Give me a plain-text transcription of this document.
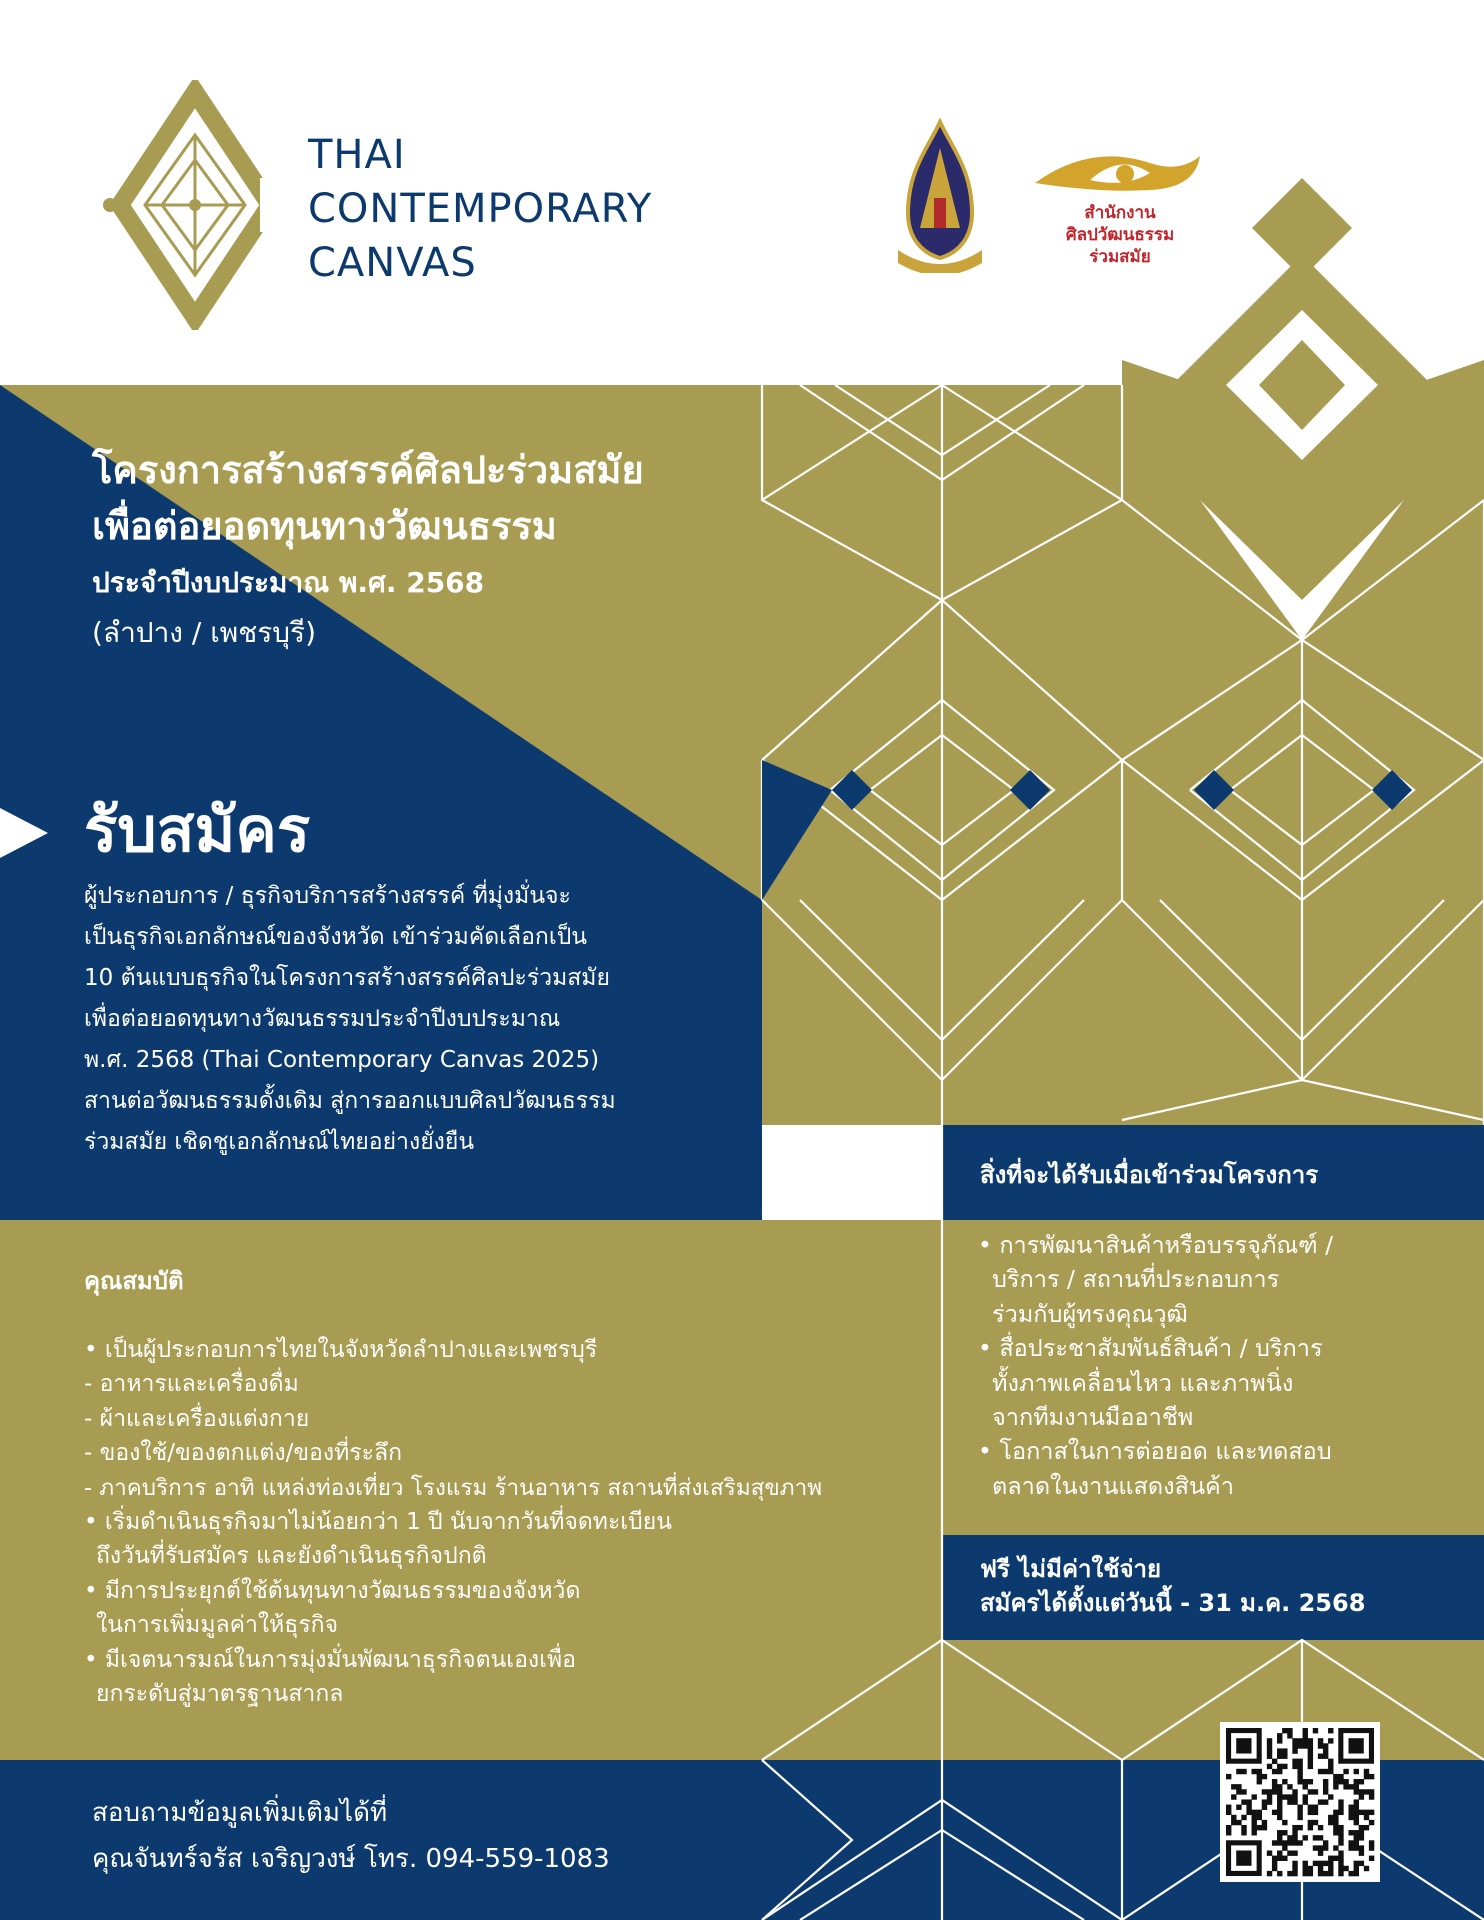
THAI
CONTEMPORARY
CANVAS
สำนักงาน
ศิลปวัฒนธรรม
ร่วมสมัย
โครงการสร้างสรรค์ศิลปะร่วมสมัย
เพื่อต่อยอดทุนทางวัฒนธรรม
ประจำปีงบประมาณ พ.ศ. 2568
(ลำปาง / เพชรบุรี)
รับสมัคร
ผู้ประกอบการ / ธุรกิจบริการสร้างสรรค์ ที่มุ่งมั่นจะ
เป็นธุรกิจเอกลักษณ์ของจังหวัด เข้าร่วมคัดเลือกเป็น
10 ต้นแบบธุรกิจในโครงการสร้างสรรค์ศิลปะร่วมสมัย
เพื่อต่อยอดทุนทางวัฒนธรรมประจำปีงบประมาณ
พ.ศ. 2568 (Thai Contemporary Canvas 2025)
สานต่อวัฒนธรรมดั้งเดิม สู่การออกแบบศิลปวัฒนธรรม
ร่วมสมัย เชิดชูเอกลักษณ์ไทยอย่างยั่งยืน
คุณสมบัติ
• เป็นผู้ประกอบการไทยในจังหวัดลำปางและเพชรบุรี
- อาหารและเครื่องดื่ม
- ผ้าและเครื่องแต่งกาย
- ของใช้/ของตกแต่ง/ของที่ระลึก
- ภาคบริการ อาทิ แหล่งท่องเที่ยว โรงแรม ร้านอาหาร สถานที่ส่งเสริมสุขภาพ
• เริ่มดำเนินธุรกิจมาไม่น้อยกว่า 1 ปี นับจากวันที่จดทะเบียน
ถึงวันที่รับสมัคร และยังดำเนินธุรกิจปกติ
• มีการประยุกต์ใช้ต้นทุนทางวัฒนธรรมของจังหวัด
ในการเพิ่มมูลค่าให้ธุรกิจ
• มีเจตนารมณ์ในการมุ่งมั่นพัฒนาธุรกิจตนเองเพื่อ
ยกระดับสู่มาตรฐานสากล
สิ่งที่จะได้รับเมื่อเข้าร่วมโครงการ
• การพัฒนาสินค้าหรือบรรจุภัณฑ์ /
บริการ / สถานที่ประกอบการ
ร่วมกับผู้ทรงคุณวุฒิ
• สื่อประชาสัมพันธ์สินค้า / บริการ
ทั้งภาพเคลื่อนไหว และภาพนิ่ง
จากทีมงานมืออาชีพ
• โอกาสในการต่อยอด และทดสอบ
ตลาดในงานแสดงสินค้า
ฟรี ไม่มีค่าใช้จ่าย
สมัครได้ตั้งแต่วันนี้ - 31 ม.ค. 2568
สอบถามข้อมูลเพิ่มเติมได้ที่
คุณจันทร์จรัส เจริญวงษ์ โทร. 094-559-1083
